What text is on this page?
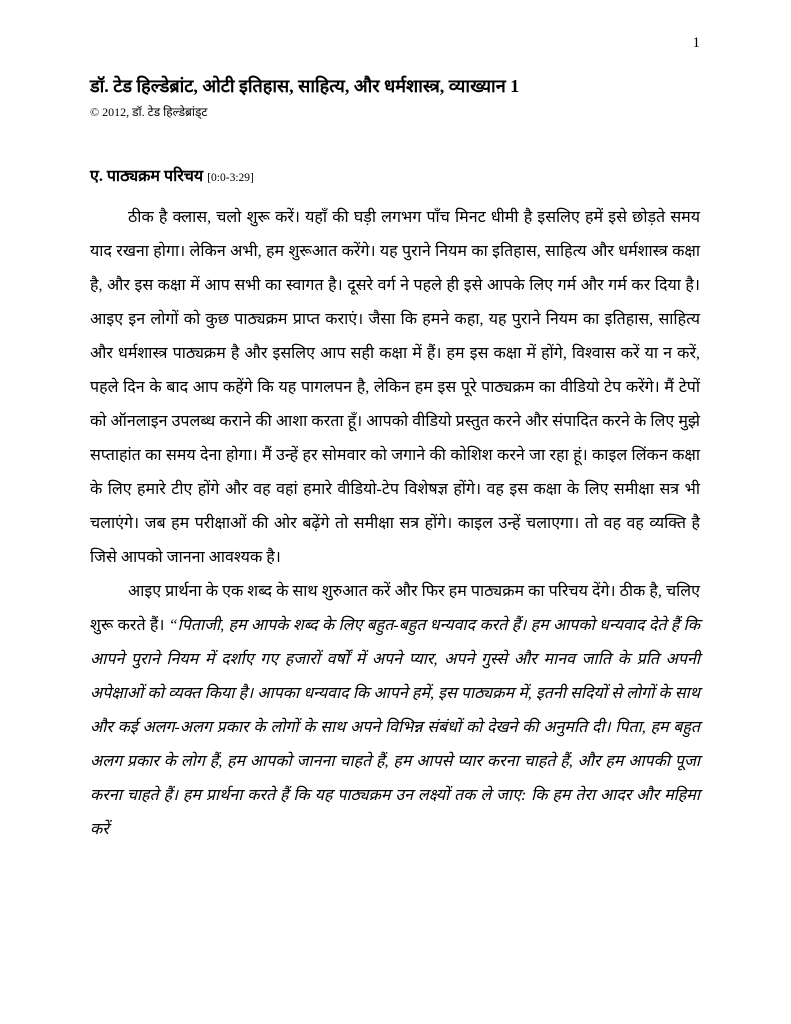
1
डॉ. टेड हिल्डेब्रांट, ओटी इतिहास, साहित्य, और धर्मशास्त्र, व्याख्यान 1
© 2012, डॉ. टेड हिल्डेब्रांड्ट
ए. पाठ्यक्रम परिचय [0:0-3:29]

ठीक है क्लास, चलो शुरू करें। यहाँ की घड़ी लगभग पाँच मिनट धीमी है इसलिए हमें इसे छोड़ते समय याद रखना होगा। लेकिन अभी, हम शुरूआत करेंगे। यह पुराने नियम का इतिहास, साहित्य और धर्मशास्त्र कक्षा है, और इस कक्षा में आप सभी का स्वागत है। दूसरे वर्ग ने पहले ही इसे आपके लिए गर्म और गर्म कर दिया है। आइए इन लोगों को कुछ पाठ्यक्रम प्राप्त कराएं। जैसा कि हमने कहा, यह पुराने नियम का इतिहास, साहित्य और धर्मशास्त्र पाठ्यक्रम है और इसलिए आप सही कक्षा में हैं। हम इस कक्षा में होंगे, विश्वास करें या न करें, पहले दिन के बाद आप कहेंगे कि यह पागलपन है, लेकिन हम इस पूरे पाठ्यक्रम का वीडियो टेप करेंगे। मैं टेपों को ऑनलाइन उपलब्ध कराने की आशा करता हूँ। आपको वीडियो प्रस्तुत करने और संपादित करने के लिए मुझे सप्ताहांत का समय देना होगा। मैं उन्हें हर सोमवार को जगाने की कोशिश करने जा रहा हूं। काइल लिंकन कक्षा के लिए हमारे टीए होंगे और वह वहां हमारे वीडियो-टेप विशेषज्ञ होंगे। वह इस कक्षा के लिए समीक्षा सत्र भी चलाएंगे। जब हम परीक्षाओं की ओर बढ़ेंगे तो समीक्षा सत्र होंगे। काइल उन्हें चलाएगा। तो वह वह व्यक्ति है जिसे आपको जानना आवश्यक है।

आइए प्रार्थना के एक शब्द के साथ शुरुआत करें और फिर हम पाठ्यक्रम का परिचय देंगे। ठीक है, चलिए शुरू करते हैं। “पिताजी, हम आपके शब्द के लिए बहुत-बहुत धन्यवाद करते हैं। हम आपको धन्यवाद देते हैं कि आपने पुराने नियम में दर्शाए गए हजारों वर्षों में अपने प्यार, अपने गुस्से और मानव जाति के प्रति अपनी अपेक्षाओं को व्यक्त किया है। आपका धन्यवाद कि आपने हमें, इस पाठ्यक्रम में, इतनी सदियों से लोगों के साथ और कई अलग-अलग प्रकार के लोगों के साथ अपने विभिन्न संबंधों को देखने की अनुमति दी। पिता, हम बहुत अलग प्रकार के लोग हैं, हम आपको जानना चाहते हैं, हम आपसे प्यार करना चाहते हैं, और हम आपकी पूजा करना चाहते हैं। हम प्रार्थना करते हैं कि यह पाठ्यक्रम उन लक्ष्यों तक ले जाए: कि हम तेरा आदर और महिमा करें
